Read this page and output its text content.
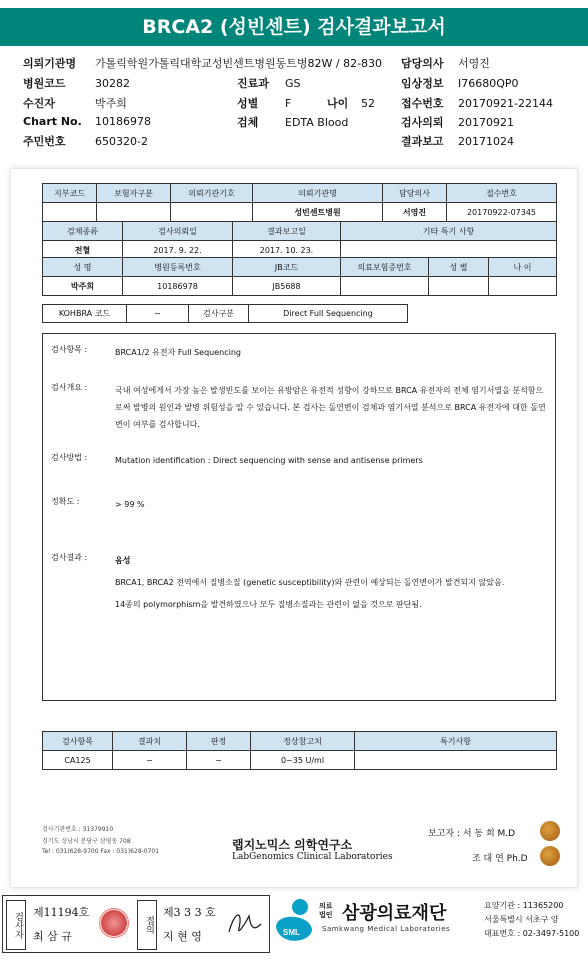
BRCA2 (성빈센트) 검사결과보고서
의뢰기관명 가톨릭학원가톨릭대학교성빈센트병원동트병82W / 82-830
병원코드	30282
수진자	박주희
Chart No. 10186978
주민번호	650320-2
진료과 GS
성별 F	나이 52
검체 EDTA Blood
담당의사 서영진
임상정보 I76680QP0
접수번호 20170921-22144
검사의뢰 20170921
결과보고 20171024
지부코드	보험자구분	의뢰기관기호	의뢰기관명	담당의사	접수번호
			성빈센트병원	서영진	20170922-07345
검체종류	검사의뢰일	결과보고일	기타 특기 사항
전혈	2017. 9. 22.	2017. 10. 23.	
성 명	병원등록번호	JB코드	의료보험증번호	성 별	나 이
박주희	10186978	JB5688			
KOHBRA 코드	−	검사구분	Direct Full Sequencing
검사항목 :	BRCA1/2 유전자 Full Sequencing
검사개요 :	국내 여성에게서 가장 높은 발생빈도를 보이는 유방암은 유전적 성향이 강하므로 BRCA 유전자의 전체 염기서열을 분석함으로써 발병의 원인과 발병 위험성을 알 수 있습니다. 본 검사는 돌연변이 검체과 염기서열 분석으로 BRCA 유전자에 대한 돌연변이 여부를 검사합니다.
검사방법 :	Mutation identification : Direct sequencing with sense and antisense primers
정확도 :	> 99 %
검사결과 :	음성
BRCA1, BRCA2 전역에서 질병소질 (genetic susceptibility)와 관련이 예상되는 돌연변이가 발견되지 않았음.
14종의 polymorphism을 발견하였으나 모두 질병소질과는 관련이 없을 것으로 판단됨.
검사항목	결과치	판정	정상참고치	특기사항
CA125	−	−	0~35 U/ml	
검사기관번호 : 31379910
경기도 성남시 분당구 삼평동 708
Tel : 031)628-9700 Fax : 031)628-0701	랩지노믹스 의학연구소
LabGenomics Clinical Laboratories
보고자 : 서 동 희 M.D
조 대 연 Ph.D
검사자 제11194호
최 삼 규
접의
제3 3 3 호
지 현 영	SML
의료법인 삼광의료재단
Samkwang Medical Laboratories
요양기관 : 11365200
서울특별시 서초구 양
대표번호 : 02-3497-5100
